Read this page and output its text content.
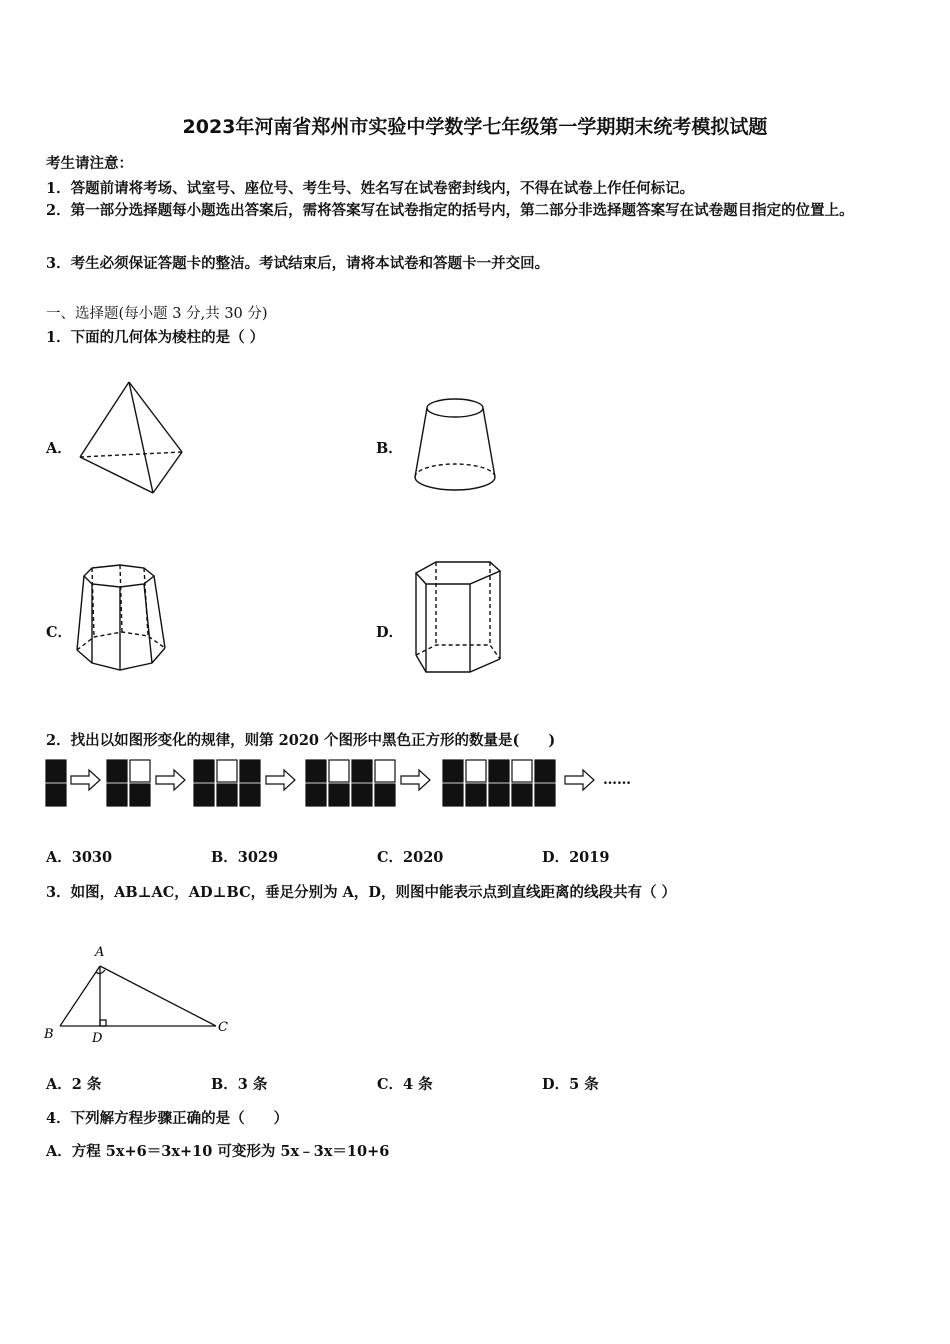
2023年河南省郑州市实验中学数学七年级第一学期期末统考模拟试题
考生请注意：
1．答题前请将考场、试室号、座位号、考生号、姓名写在试卷密封线内，不得在试卷上作任何标记。
2．第一部分选择题每小题选出答案后，需将答案写在试卷指定的括号内，第二部分非选择题答案写在试卷题目指定的位置上。
3．考生必须保证答题卡的整洁。考试结束后，请将本试卷和答题卡一并交回。
一、选择题(每小题 3 分,共 30 分)
1．下面的几何体为棱柱的是（ ）
A．	B．
C．	D．
2．找出以如图形变化的规律，则第 2020 个图形中黑色正方形的数量是(　　)
……
A．3030	B．3029	C．2020	D．2019
3．如图，AB⊥AC，AD⊥BC，垂足分别为 A，D，则图中能表示点到直线距离的线段共有（ ）
A
B	C
D
A．2 条	B．3 条	C．4 条	D．5 条
4．下列解方程步骤正确的是（　　）
A．方程 5x+6＝3x+10 可变形为 5x﹣3x＝10+6
